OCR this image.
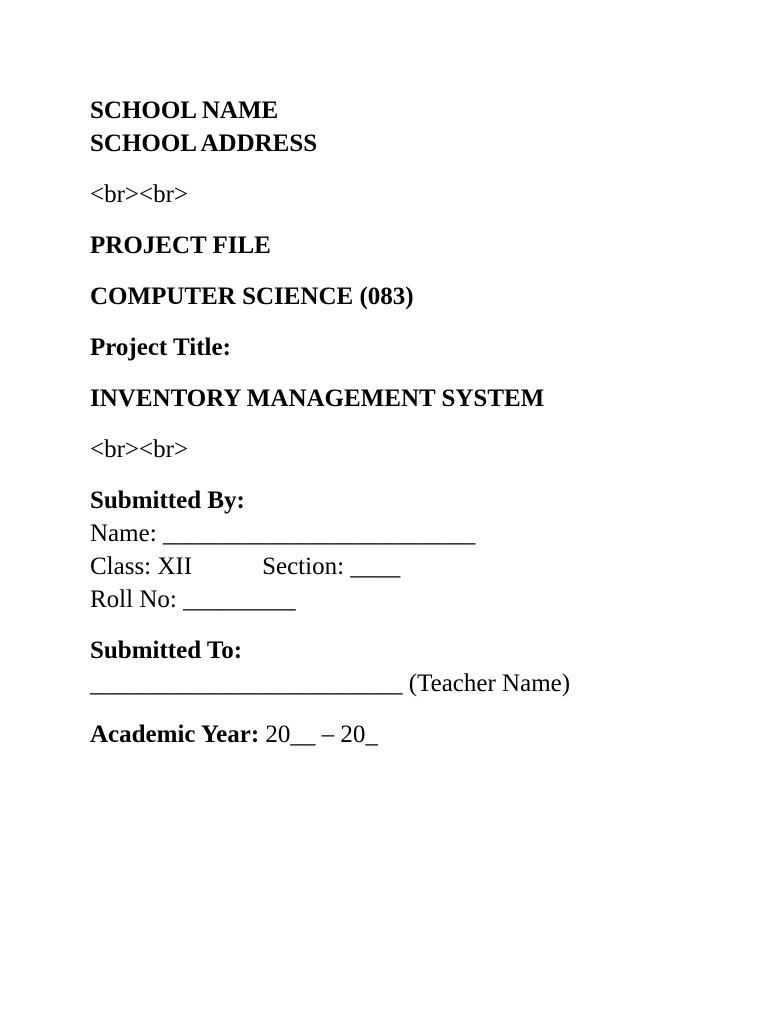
SCHOOL NAME
SCHOOL ADDRESS
<br><br>
PROJECT FILE
COMPUTER SCIENCE (083)
Project Title:
INVENTORY MANAGEMENT SYSTEM
<br><br>
Submitted By:
Name: _________________________
Class: XII	Section: ____
Roll No: _________
Submitted To:
_________________________ (Teacher Name)
Academic Year: 20__ – 20_
